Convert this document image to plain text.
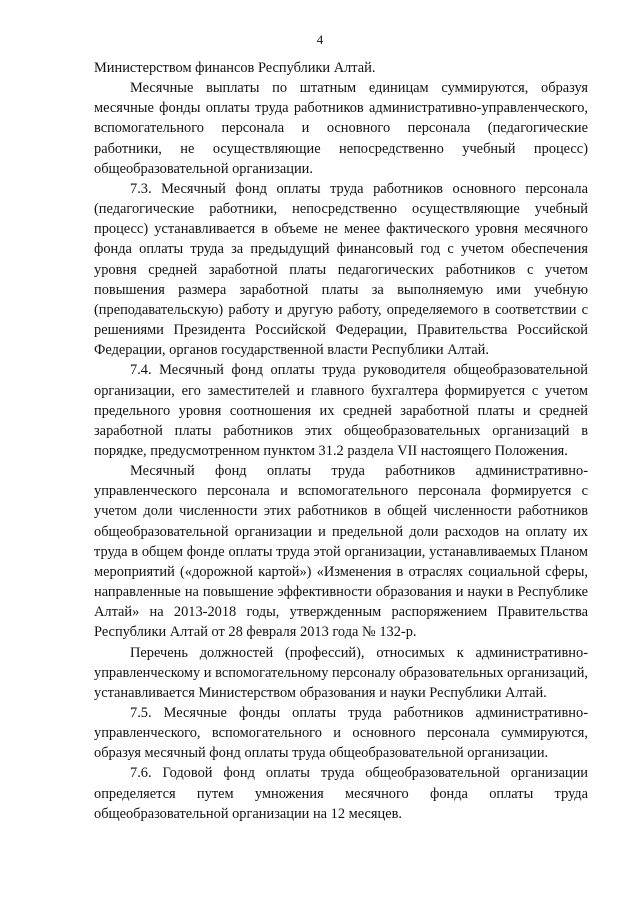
4

Министерством финансов Республики Алтай.

Месячные выплаты по штатным единицам суммируются, образуя месячные фонды оплаты труда работников административно-управленческого, вспомогательного персонала и основного персонала (педагогические работники, не осуществляющие непосредственно учебный процесс) общеобразовательной организации.

7.3. Месячный фонд оплаты труда работников основного персонала (педагогические работники, непосредственно осуществляющие учебный процесс) устанавливается в объеме не менее фактического уровня месячного фонда оплаты труда за предыдущий финансовый год с учетом обеспечения уровня средней заработной платы педагогических работников с учетом повышения размера заработной платы за выполняемую ими учебную (преподавательскую) работу и другую работу, определяемого в соответствии с решениями Президента Российской Федерации, Правительства Российской Федерации, органов государственной власти Республики Алтай.

7.4. Месячный фонд оплаты труда руководителя общеобразовательной организации, его заместителей и главного бухгалтера формируется с учетом предельного уровня соотношения их средней заработной платы и средней заработной платы работников этих общеобразовательных организаций в порядке, предусмотренном пунктом 31.2 раздела VII настоящего Положения.

Месячный фонд оплаты труда работников административно-управленческого персонала и вспомогательного персонала формируется с учетом доли численности этих работников в общей численности работников общеобразовательной организации и предельной доли расходов на оплату их труда в общем фонде оплаты труда этой организации, устанавливаемых Планом мероприятий («дорожной картой») «Изменения в отраслях социальной сферы, направленные на повышение эффективности образования и науки в Республике Алтай» на 2013-2018 годы, утвержденным распоряжением Правительства Республики Алтай от 28 февраля 2013 года № 132-р.

Перечень должностей (профессий), относимых к административно-управленческому и вспомогательному персоналу образовательных организаций, устанавливается Министерством образования и науки Республики Алтай.

7.5. Месячные фонды оплаты труда работников административно-управленческого, вспомогательного и основного персонала суммируются, образуя месячный фонд оплаты труда общеобразовательной организации.

7.6. Годовой фонд оплаты труда общеобразовательной организации определяется путем умножения месячного фонда оплаты труда общеобразовательной организации на 12 месяцев.
